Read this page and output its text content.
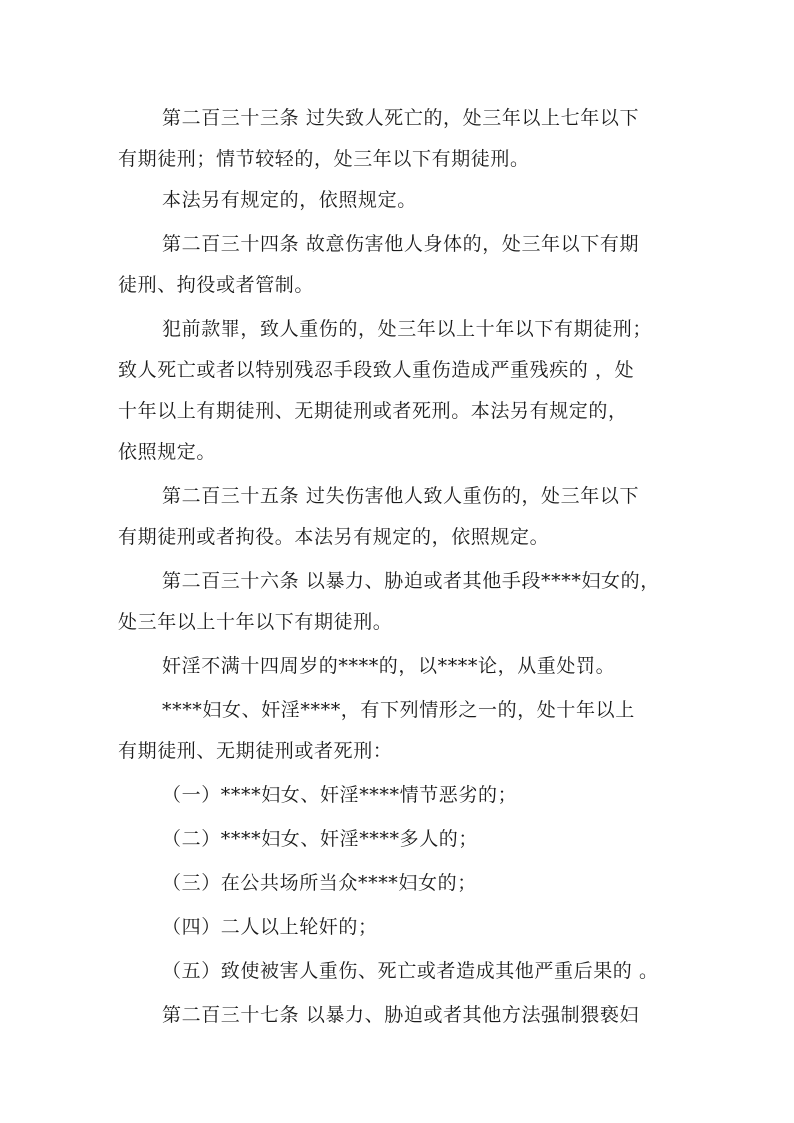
第二百三十三条 过失致人死亡的，处三年以上七年以下
有期徒刑；情节较轻的，处三年以下有期徒刑。
本法另有规定的，依照规定。
第二百三十四条 故意伤害他人身体的，处三年以下有期
徒刑、拘役或者管制。
犯前款罪，致人重伤的，处三年以上十年以下有期徒刑；
致人死亡或者以特别残忍手段致人重伤造成严重残疾的 ，处
十年以上有期徒刑、无期徒刑或者死刑。本法另有规定的，
依照规定。
第二百三十五条 过失伤害他人致人重伤的，处三年以下
有期徒刑或者拘役。本法另有规定的，依照规定。
第二百三十六条 以暴力、胁迫或者其他手段****妇女的，
处三年以上十年以下有期徒刑。
奸淫不满十四周岁的****的，以****论，从重处罚。
****妇女、奸淫****，有下列情形之一的，处十年以上
有期徒刑、无期徒刑或者死刑：
（一）****妇女、奸淫****情节恶劣的；
（二）****妇女、奸淫****多人的；
（三）在公共场所当众****妇女的；
（四）二人以上轮奸的；
（五）致使被害人重伤、死亡或者造成其他严重后果的 。
第二百三十七条 以暴力、胁迫或者其他方法强制猥亵妇
